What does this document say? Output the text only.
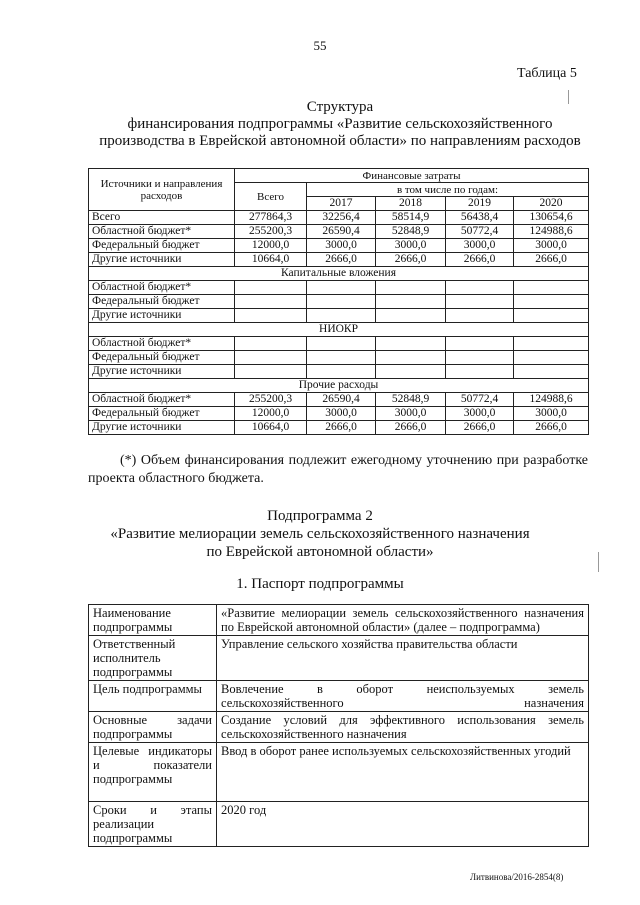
55
Таблица 5
Структура
финансирования подпрограммы «Развитие сельскохозяйственного
производства в Еврейской автономной области» по направлениям расходов
Источники и направления расходов	Финансовые затраты				
	Всего	в том числе по годам:			
		2017	2018	2019	2020
Всего	277864,3	32256,4	58514,9	56438,4	130654,6
Областной бюджет*	255200,3	26590,4	52848,9	50772,4	124988,6
Федеральный бюджет	12000,0	3000,0	3000,0	3000,0	3000,0
Другие источники	10664,0	2666,0	2666,0	2666,0	2666,0
Капитальные вложения					
Областной бюджет*					
Федеральный бюджет					
Другие источники					
НИОКР					
Областной бюджет*					
Федеральный бюджет					
Другие источники					
Прочие расходы					
Областной бюджет*	255200,3	26590,4	52848,9	50772,4	124988,6
Федеральный бюджет	12000,0	3000,0	3000,0	3000,0	3000,0
Другие источники	10664,0	2666,0	2666,0	2666,0	2666,0
(*) Объем финансирования подлежит ежегодному уточнению при разработке проекта областного бюджета.
Подпрограмма 2
«Развитие мелиорации земель сельскохозяйственного назначения
по Еврейской автономной области»
1. Паспорт подпрограммы
Наименование подпрограммы	«Развитие мелиорации земель сельскохозяйственного назначения по Еврейской автономной области» (далее – подпрограмма)
Ответственный исполнитель подпрограммы	Управление сельского хозяйства правительства области
Цель подпрограммы	Вовлечение в оборот неиспользуемых земель сельскохозяйственного назначения
Основные задачи подпрограммы	Создание условий для эффективного использования земель сельскохозяйственного назначения
Целевые индикаторы и показатели подпрограммы	Ввод в оборот ранее используемых сельскохозяйственных угодий
Сроки и этапы реализации подпрограммы	2020 год
Литвинова/2016-2854(8)
